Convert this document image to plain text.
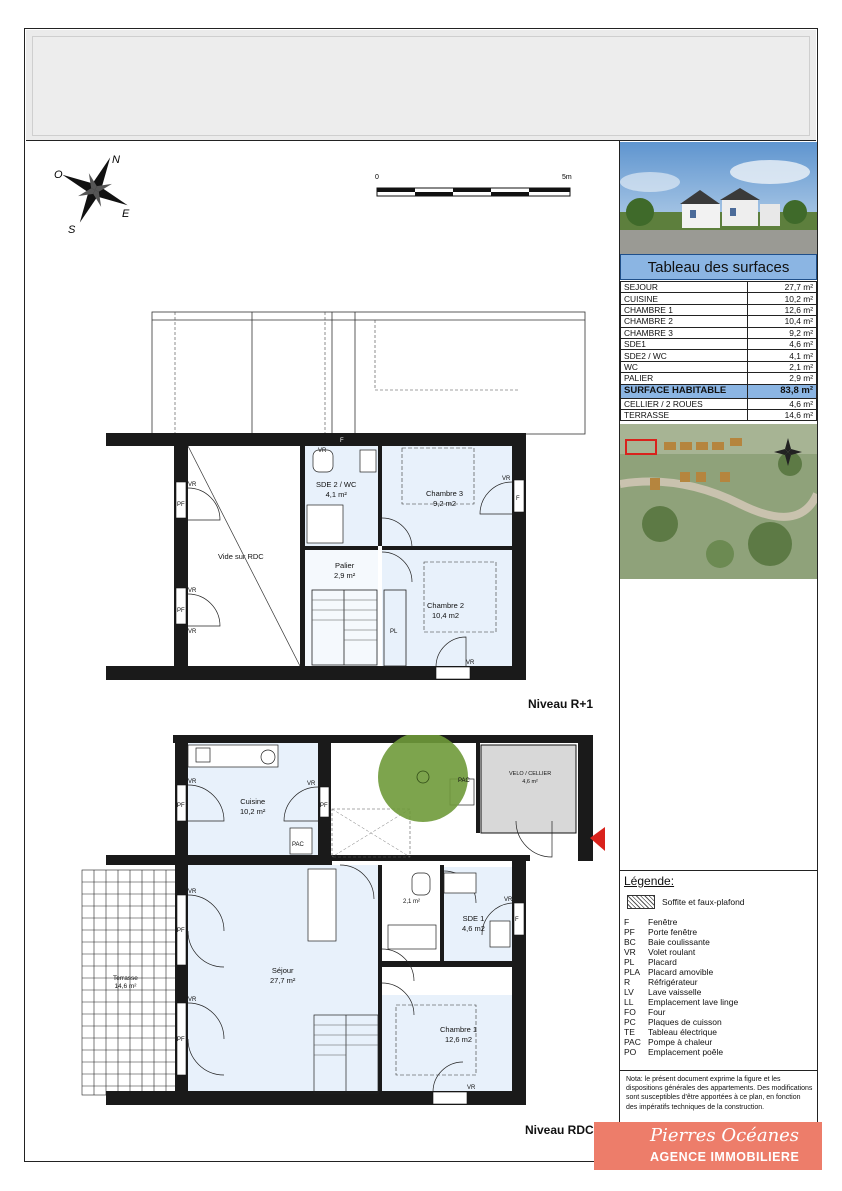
N
E
S
O	0	5m
VR
PF
VR
PF
VR
VR
F
PL
VR
VR
F
Vide sur RDC
SDE 2 / WC
4,1 m²	Chambre 3
9,2 m2
Palier
2,9 m²
Chambre 2
10,4 m2
Niveau R+1
VR
PF
VR
PF
VR
PF
VR
PF
PAC
PAC
VR
F
VR
Cuisine
10,2 m²
Séjour
27,7 m²
Terrasse
14,6 m²
2,1 m²
SDE 1
4,6 m2
Chambre 1
12,6 m2
VELO / CELLIER
4,6 m²
Niveau RDC
Tableau des surfaces
SEJOUR	27,7 m²
CUISINE	10,2 m²
CHAMBRE 1	12,6 m²
CHAMBRE 2	10,4 m²
CHAMBRE 3	9,2 m²
SDE1	4,6 m²
SDE2 / WC	4,1 m²
WC	2,1 m²
PALIER	2,9 m²
SURFACE HABITABLE	83,8 m²
CELLIER / 2 ROUES	4,6 m²
TERRASSE	14,6 m²
Légende:
Soffite et faux-plafond
F Fenêtre
PF Porte fenêtre
BC Baie coulissante
VR Volet roulant
PL Placard
PLA Placard amovible
R Réfrigérateur
LV Lave vaisselle
LL Emplacement lave linge
FO Four
PC Plaques de cuisson
TE Tableau électrique
PAC Pompe à chaleur
PO Emplacement poêle
Nota: le présent document exprime la figure et les dispositions générales des appartements. Des modifications sont susceptibles d'être apportées à ce plan, en fonction des impératifs techniques de la construction.
Pierres Océanes
AGENCE IMMOBILIERE
